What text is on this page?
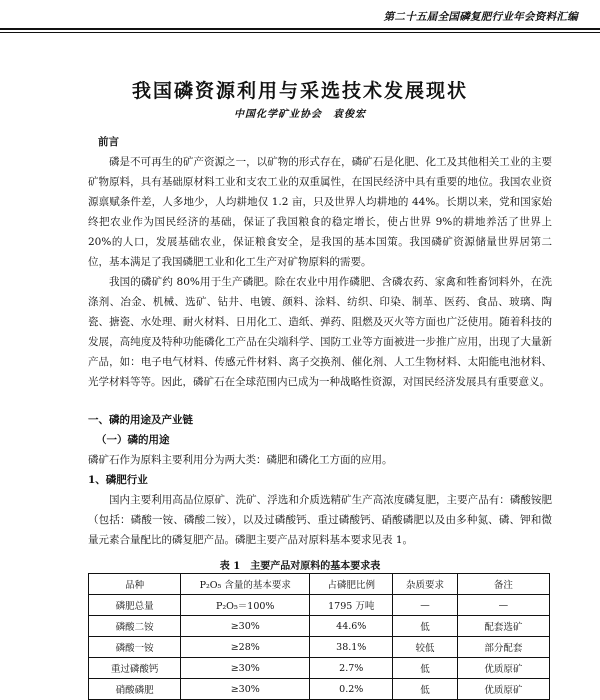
第二十五届全国磷复肥行业年会资料汇编
我国磷资源利用与采选技术发展现状
中国化学矿业协会　袁俊宏
前言

磷是不可再生的矿产资源之一，以矿物的形式存在，磷矿石是化肥、化工及其他相关工业的主要矿物原料，具有基础原材料工业和支农工业的双重属性，在国民经济中具有重要的地位。我国农业资源禀赋条件差，人多地少，人均耕地仅 1.2 亩，只及世界人均耕地的 44%。长期以来，党和国家始终把农业作为国民经济的基础，保证了我国粮食的稳定增长，使占世界 9%的耕地养活了世界上 20%的人口，发展基础农业，保证粮食安全，是我国的基本国策。我国磷矿资源储量世界居第二位，基本满足了我国磷肥工业和化工生产对矿物原料的需要。

我国的磷矿约 80%用于生产磷肥。除在农业中用作磷肥、含磷农药、家禽和牲畜饲料外，在洗涤剂、冶金、机械、选矿、钻井、电镀、颜料、涂料、纺织、印染、制革、医药、食品、玻璃、陶瓷、搪瓷、水处理、耐火材料、日用化工、造纸、弹药、阻燃及灭火等方面也广泛使用。随着科技的发展，高纯度及特种功能磷化工产品在尖端科学、国防工业等方面被进一步推广应用，出现了大量新产品，如：电子电气材料、传感元件材料、离子交换剂、催化剂、人工生物材料、太阳能电池材料、光学材料等等。因此，磷矿石在全球范围内已成为一种战略性资源，对国民经济发展具有重要意义。

一、磷的用途及产业链
（一）磷的用途
磷矿石作为原料主要利用分为两大类：磷肥和磷化工方面的应用。
1、磷肥行业

国内主要利用高品位原矿、洗矿、浮选和介质选精矿生产高浓度磷复肥，主要产品有：磷酸铵肥（包括：磷酸一铵、磷酸二铵），以及过磷酸钙、重过磷酸钙、硝酸磷肥以及由多种氮、磷、钾和微量元素合量配比的磷复肥产品。磷肥主要产品对原料基本要求见表 1。

表 1　主要产品对原料的基本要求表
品种	P₂O₅ 含量的基本要求	占磷肥比例	杂质要求	备注
磷肥总量	P₂O₅＝100%	1795 万吨	—	—
磷酸二铵	≥30%	44.6%	低	配套选矿
磷酸一铵	≥28%	38.1%	较低	部分配套
重过磷酸钙	≥30%	2.7%	低	优质原矿
硝酸磷肥	≥30%	0.2%	低	优质原矿
